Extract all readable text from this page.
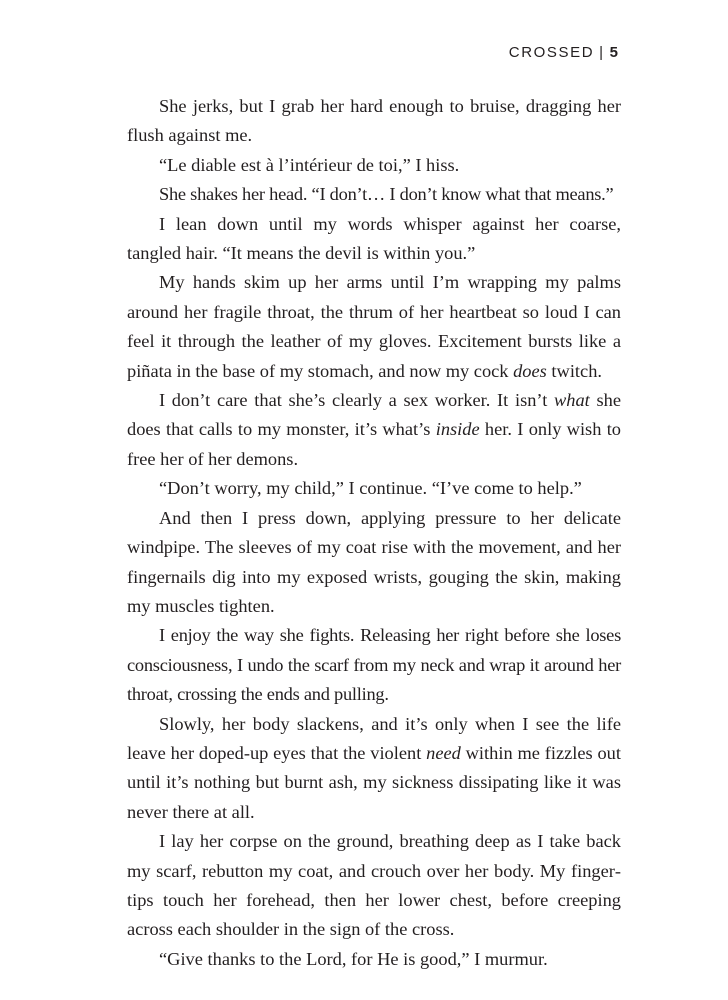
CROSSED | 5

She jerks, but I grab her hard enough to bruise, dragging her flush against me.

“Le diable est à l’intérieur de toi,” I hiss.

She shakes her head. “I don’t… I don’t know what that means.”

I lean down until my words whisper against her coarse, tangled hair. “It means the devil is within you.”

My hands skim up her arms until I’m wrapping my palms around her fragile throat, the thrum of her heartbeat so loud I can feel it through the leather of my gloves. Excitement bursts like a piñata in the base of my stomach, and now my cock does twitch.

I don’t care that she’s clearly a sex worker. It isn’t what she does that calls to my monster, it’s what’s inside her. I only wish to free her of her demons.

“Don’t worry, my child,” I continue. “I’ve come to help.”

And then I press down, applying pressure to her delicate windpipe. The sleeves of my coat rise with the movement, and her fingernails dig into my exposed wrists, gouging the skin, making my muscles tighten.

I enjoy the way she fights. Releasing her right before she loses consciousness, I undo the scarf from my neck and wrap it around her throat, crossing the ends and pulling.

Slowly, her body slackens, and it’s only when I see the life leave her doped-up eyes that the violent need within me fizzles out until it’s nothing but burnt ash, my sickness dissipating like it was never there at all.

I lay her corpse on the ground, breathing deep as I take back my scarf, rebutton my coat, and crouch over her body. My fingertips touch her forehead, then her lower chest, before creeping across each shoulder in the sign of the cross.

“Give thanks to the Lord, for He is good,” I murmur.
